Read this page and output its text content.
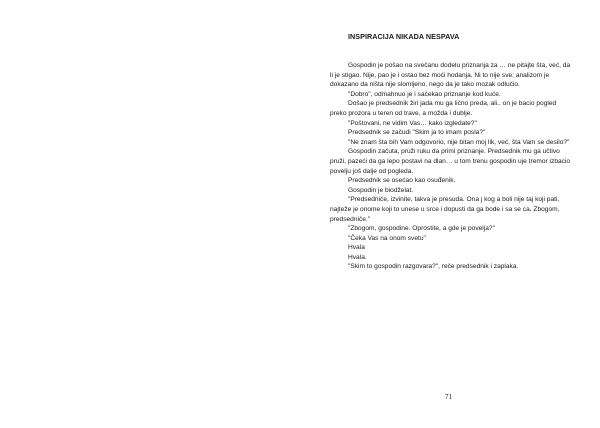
INSPIRACIJA NIKADA NESPAVA

Gospodin je pošao na svečanu dodelu priznanja za … ne pitajte šta, već, da li je stigao. Nije, pao je i ostao bez moći hodanja. Ni to nije sve; analizom je dokazano da ništa nije slomljeno, nego da je tako mozak odlučio.

"Dobro", odmahnuo je i sačekao priznanje kod kuće.

Došao je predsednik žiri jada mu ga lično preda, ali.. on je bacio pogled preko prozora u teren od trave, a možda i dublje.

"Poštovani, ne vidim Vas… kako izgledate?"

Predsednik se začudi "Skim ja to imam posla?"

"Ne znam šta bih Vam odgovorio, nije bitan moj lik, već, šta Vam se desilo?"

Gospodin začuta, pruži ruku da primi priznanje. Predsednik mu ga učtivo pruži, pazeći da ga lepo postavi na dlan… u tom trenu gospodin uje tremor izbacio povelju još dalje od pogleda.

Predsednik se osećao kao osuđenik.

Gospodin je biodželat.

"Predsedniče, izvinite, takva je presuda. Ona j kog a boli nije taj koji pati, najteže je onome koji to unese u srce i dopusti da ga bode i sa se ca. Zbogom, predsedniče."

"Zbogom, gospodine. Oprostite, a gde je povelja?"

"Čeka Vas na onom svetu"

Hvala

Hvala.

"Skim to gospodin razgovara?", reče predsednik i zaplaka.

71
